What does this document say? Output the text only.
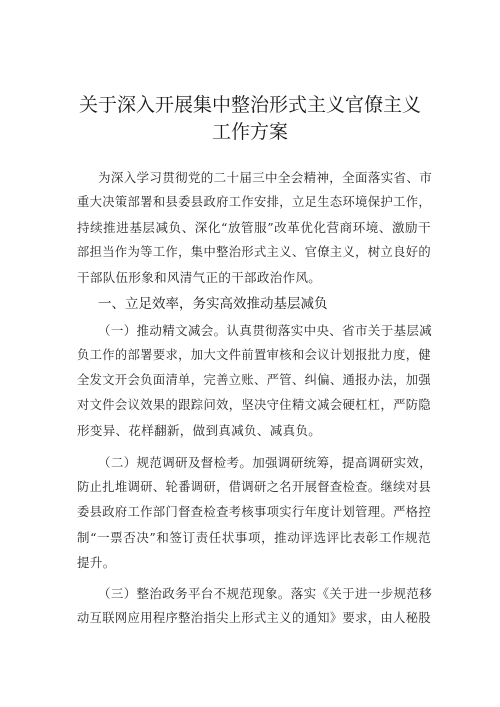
关于深入开展集中整治形式主义官僚主义
工作方案
为深入学习贯彻党的二十届三中全会精神，全面落实省、市
重大决策部署和县委县政府工作安排，立足生态环境保护工作，
持续推进基层减负、深化“放管服”改革优化营商环境、激励干
部担当作为等工作，集中整治形式主义、官僚主义，树立良好的
干部队伍形象和风清气正的干部政治作风。
一、立足效率，务实高效推动基层减负
（一）推动精文减会。认真贯彻落实中央、省市关于基层减
负工作的部署要求，加大文件前置审核和会议计划报批力度，健
全发文开会负面清单，完善立账、严管、纠偏、通报办法，加强
对文件会议效果的跟踪问效，坚决守住精文减会硬杠杠，严防隐
形变异、花样翻新，做到真减负、减真负。
（二）规范调研及督检考。加强调研统筹，提高调研实效，
防止扎堆调研、轮番调研，借调研之名开展督查检查。继续对县
委县政府工作部门督查检查考核事项实行年度计划管理。严格控
制“一票否决”和签订责任状事项，推动评选评比表彰工作规范
提升。
（三）整治政务平台不规范现象。落实《关于进一步规范移
动互联网应用程序整治指尖上形式主义的通知》要求，由人秘股
